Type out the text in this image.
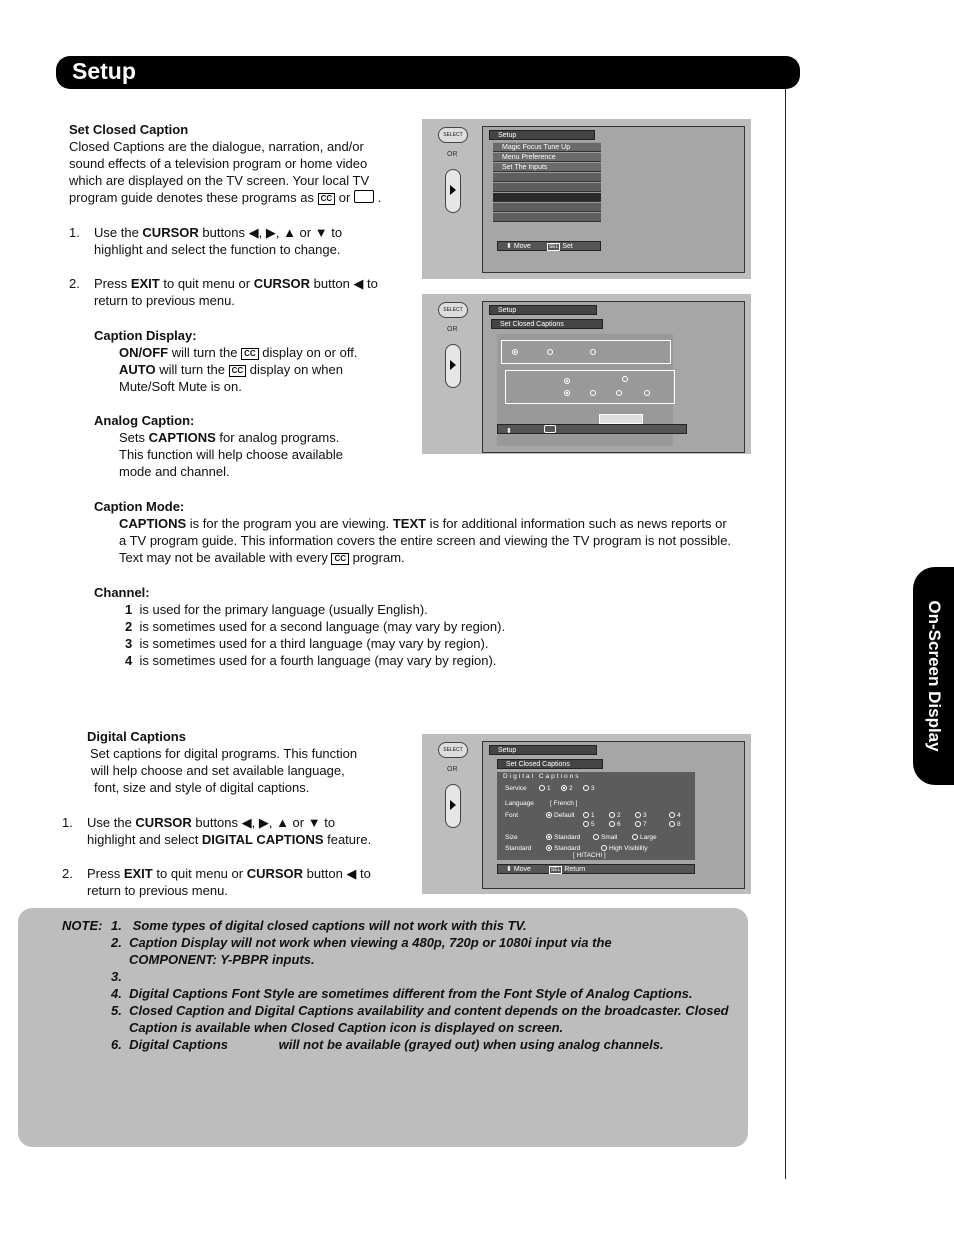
Setup
On-Screen Display
Set Closed Caption
Closed Captions are the dialogue, narration, and/or
sound effects of a television program or home video
which are displayed on the TV screen. Your local TV
program guide denotes these programs as CC or  .
1. Use the CURSOR buttons ◀, ▶, ▲ or ▼ to
highlight and select the function to change.
2. Press EXIT to quit menu or CURSOR button ◀ to
return to previous menu.
Caption Display:
ON/OFF will turn the CC display on or off.
AUTO will turn the CC display on when
Mute/Soft Mute is on.
Analog Caption:
Sets CAPTIONS for analog programs.
This function will help choose available
mode and channel.
Caption Mode:
CAPTIONS is for the program you are viewing. TEXT is for additional information such as news reports or
a TV program guide. This information covers the entire screen and viewing the TV program is not possible.
Text may not be available with every CC program.
Channel:
1 is used for the primary language (usually English).
2 is sometimes used for a second language (may vary by region).
3 is sometimes used for a third language (may vary by region).
4 is sometimes used for a fourth language (may vary by region).
Digital Captions
Set captions for digital programs. This function
will help choose and set available language,
font, size and style of digital captions.
1. Use the CURSOR buttons ◀, ▶, ▲ or ▼ to
highlight and select DIGITAL CAPTIONS feature.
2. Press EXIT to quit menu or CURSOR button ◀ to
return to previous menu.
SELECT
OR
Setup
Magic Focus Tune Up
Menu Preference
Set The Inputs
⬍ Move	SEL Set
SELECT
OR
Setup
Set Closed Captions
⬍
SELECT
OR
Setup
Set Closed Captions
Digital Captions
Service	1	2	3
Language [ French ]
Font	Default	1	2	3	4
5	6	7	8
Size	Standard	Small	Large
Standard	Standard	High Visibility
[ HITACHI ]
⬍ Move	SEL Return
NOTE: 1. Some types of digital closed captions will not work with this TV.
2. Caption Display will not work when viewing a 480p, 720p or 1080i input via the
COMPONENT: Y-PBPR inputs.
3.
4. Digital Captions Font Style are sometimes different from the Font Style of Analog Captions.
5. Closed Caption and Digital Captions availability and content depends on the broadcaster. Closed
Caption is available when Closed Caption icon is displayed on screen.
6. Digital Captions              will not be available (grayed out) when using analog channels.
